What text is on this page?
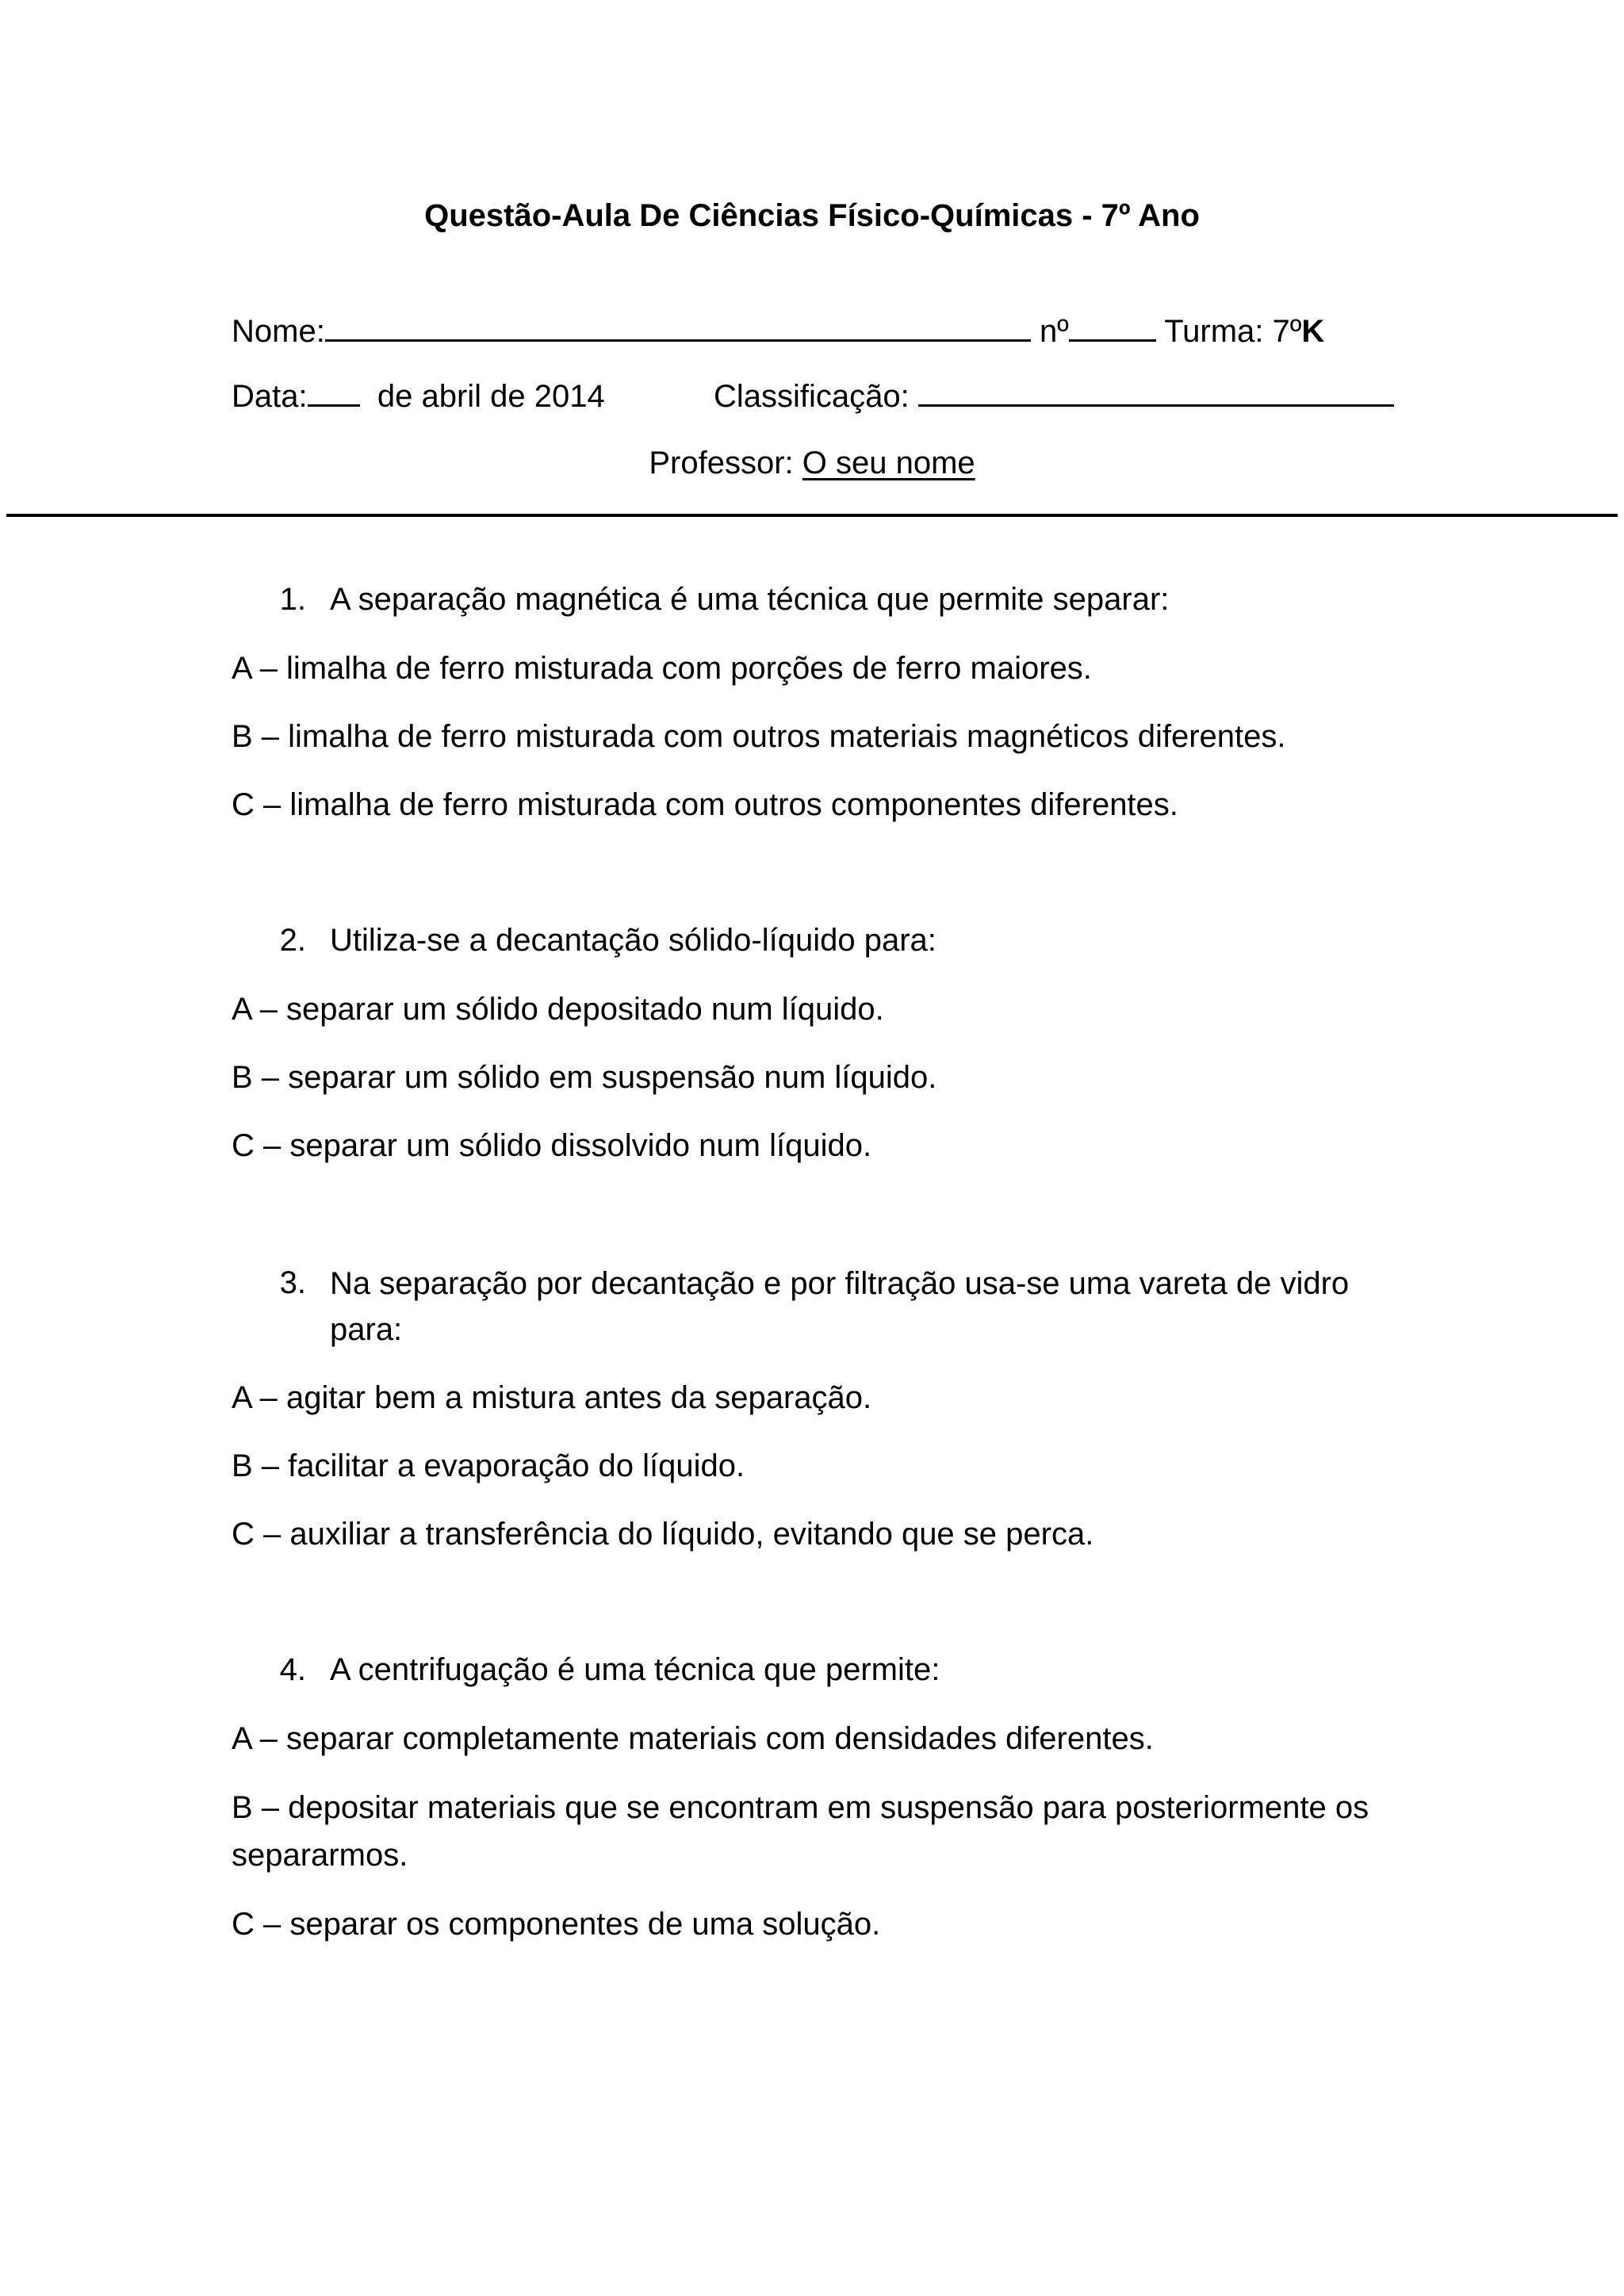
Questão-Aula De Ciências Físico-Químicas - 7º Ano
Nome:	nº	Turma: 7ºK
Data: de abril de 2014	Classificação:
Professor: O seu nome
1. A separação magnética é uma técnica que permite separar:
A – limalha de ferro misturada com porções de ferro maiores.
B – limalha de ferro misturada com outros materiais magnéticos diferentes.
C – limalha de ferro misturada com outros componentes diferentes.
2. Utiliza-se a decantação sólido-líquido para:
A – separar um sólido depositado num líquido.
B – separar um sólido em suspensão num líquido.
C – separar um sólido dissolvido num líquido.
3. Na separação por decantação e por filtração usa-se uma vareta de vidro para:
A – agitar bem a mistura antes da separação.
B – facilitar a evaporação do líquido.
C – auxiliar a transferência do líquido, evitando que se perca.
4. A centrifugação é uma técnica que permite:
A – separar completamente materiais com densidades diferentes.
B – depositar materiais que se encontram em suspensão para posteriormente os separarmos.
C – separar os componentes de uma solução.
